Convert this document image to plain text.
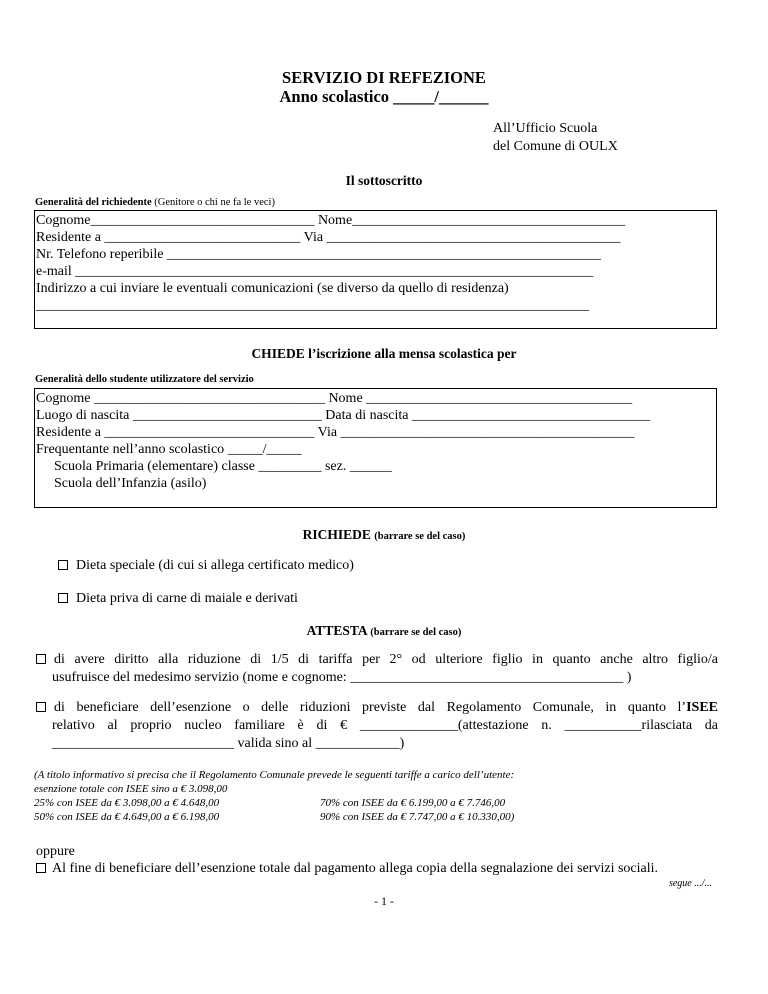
SERVIZIO DI REFEZIONE
Anno scolastico _____/______
All’Ufficio Scuola
del Comune di OULX
Il sottoscritto
Generalità del richiedente (Genitore o chi ne fa le veci)
Cognome________________________________ Nome_______________________________________
Residente a ____________________________ Via __________________________________________
Nr. Telefono reperibile ______________________________________________________________
e-mail __________________________________________________________________________
Indirizzo a cui inviare le eventuali comunicazioni (se diverso da quello di residenza)
_______________________________________________________________________________
CHIEDE l’iscrizione alla mensa scolastica per
Generalità dello studente utilizzatore del servizio
Cognome _________________________________ Nome ______________________________________
Luogo di nascita ___________________________ Data di nascita __________________________________
Residente a ______________________________ Via __________________________________________
Frequentante nell’anno scolastico _____/_____
Scuola Primaria (elementare) classe _________ sez. ______
Scuola dell’Infanzia (asilo)
RICHIEDE (barrare se del caso)
Dieta speciale (di cui si allega certificato medico)
Dieta priva di carne di maiale e derivati
ATTESTA (barrare se del caso)
di avere diritto alla riduzione di 1/5 di tariffa per 2° od ulteriore figlio in quanto anche altro figlio/a
usufruisce del medesimo servizio (nome e cognome: _______________________________________ )
di beneficiare dell’esenzione o delle riduzioni previste dal Regolamento Comunale, in quanto l’ISEE
relativo al proprio nucleo familiare è di € ______________(attestazione n. ___________rilasciata da
__________________________ valida sino al ____________)
(A titolo informativo si precisa che il Regolamento Comunale prevede le seguenti tariffe a carico dell’utente:
esenzione totale con ISEE sino a € 3.098,00
25% con ISEE da € 3.098,00 a € 4.648,00	70% con ISEE da € 6.199,00 a € 7.746,00
50% con ISEE da € 4.649,00 a € 6.198,00	90% con ISEE da € 7.747,00 a € 10.330,00)
oppure
Al fine di beneficiare dell’esenzione totale dal pagamento allega copia della segnalazione dei servizi sociali.
segue .../...
- 1 -
